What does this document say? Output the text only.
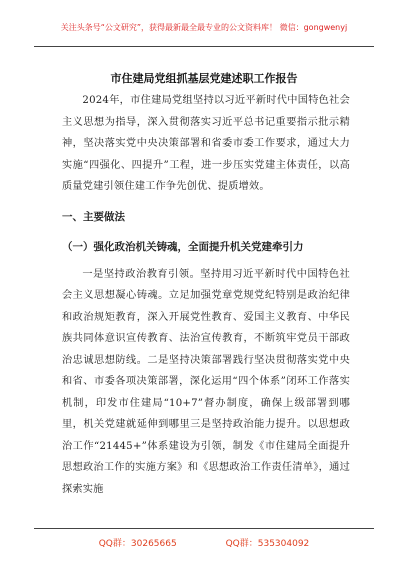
关注头条号“公文研究”，获得最新最全最专业的公文资料库！ 微信：gongwenyj
市住建局党组抓基层党建述职工作报告

2024年，市住建局党组坚持以习近平新时代中国特色社会主义思想为指导，深入贯彻落实习近平总书记重要指示批示精神，坚决落实党中央决策部署和省委市委工作要求，通过大力实施“四强化、四提升”工程，进一步压实党建主体责任，以高质量党建引领住建工作争先创优、提质增效。

一、主要做法

（一）强化政治机关铸魂，全面提升机关党建牵引力

一是坚持政治教育引领。坚持用习近平新时代中国特色社会主义思想凝心铸魂。立足加强党章党规党纪特别是政治纪律和政治规矩教育，深入开展党性教育、爱国主义教育、中华民族共同体意识宣传教育、法治宣传教育，不断筑牢党员干部政治忠诚思想防线。二是坚持决策部署践行坚决贯彻落实党中央和省、市委各项决策部署，深化运用“四个体系”闭环工作落实机制，印发市住建局“10+7”督办制度，确保上级部署到哪里，机关党建就延伸到哪里三是坚持政治能力提升。以思想政治工作“21445+”体系建设为引领，制发《市住建局全面提升思想政治工作的实施方案》和《思想政治工作责任清单》，通过探索实施

QQ群：30265665	QQ群：535304092
